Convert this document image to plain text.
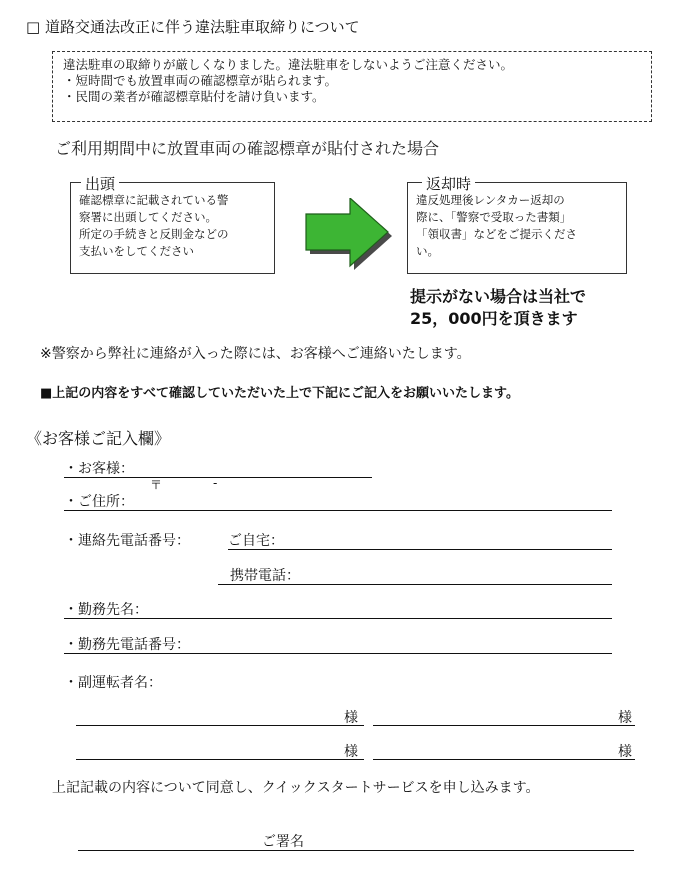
□ 道路交通法改正に伴う違法駐車取締りについて
違法駐車の取締りが厳しくなりました。違法駐車をしないようご注意ください。
・短時間でも放置車両の確認標章が貼られます。
・民間の業者が確認標章貼付を請け負います。
ご利用期間中に放置車両の確認標章が貼付された場合
出頭
確認標章に記載されている警
察署に出頭してください。
所定の手続きと反則金などの
支払いをしてください
返却時
違反処理後レンタカー返却の
際に、「警察で受取った書類」
「領収書」などをご提示くださ
い。
提示がない場合は当社で
25，000円を頂きます
※警察から弊社に連絡が入った際には、お客様へご連絡いたします。
■上記の内容をすべて確認していただいた上で下記にご記入をお願いいたします。
《お客様ご記入欄》
・お客様：
〒	-
・ご住所：
・連絡先電話番号：	ご自宅：
携帯電話：
・勤務先名：
・勤務先電話番号：
・副運転者名：
様	様
様	様
上記記載の内容について同意し、クイックスタートサービスを申し込みます。
ご署名
